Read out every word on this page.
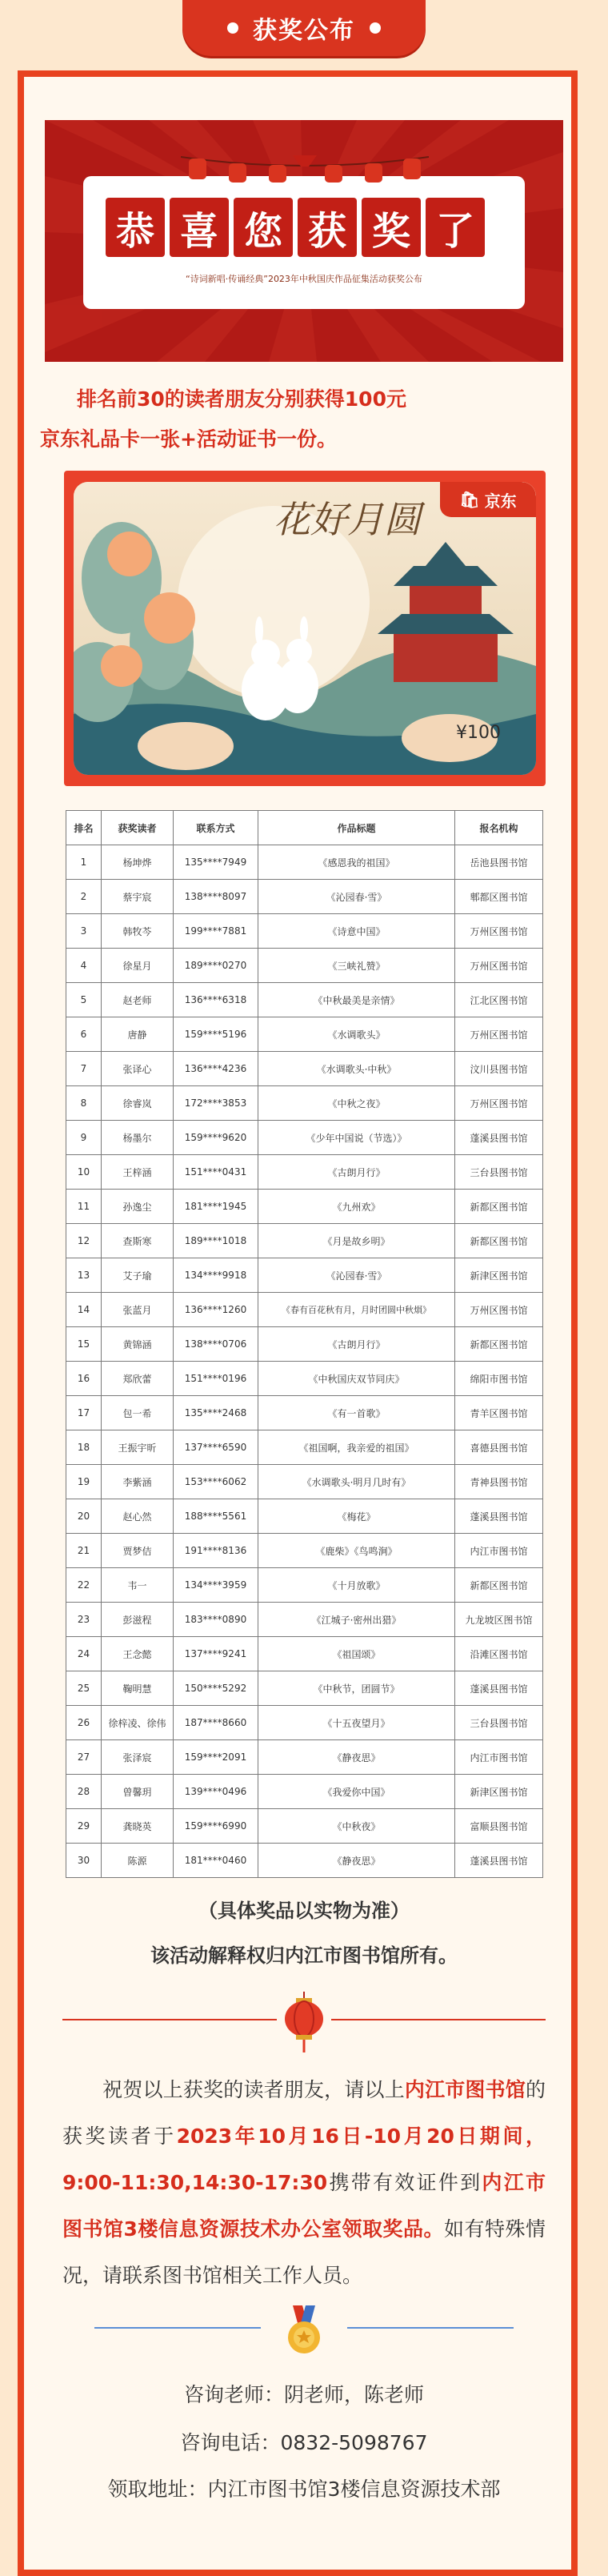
获奖公布
恭 喜 您 获 奖 了
“诗词新唱·传诵经典”2023年中秋国庆作品征集活动获奖公布
排名前30的读者朋友分别获得100元
京东礼品卡一张+活动证书一份。
花好月圆 🛍 京东
¥100
排名	获奖读者	联系方式	作品标题	报名机构
1	杨坤烨	135****7949	《感恩我的祖国》	岳池县图书馆
2	蔡宇宸	138****8097	《沁园春·雪》	郫都区图书馆
3	韩牧芩	199****7881	《诗意中国》	万州区图书馆
4	徐星月	189****0270	《三峡礼赞》	万州区图书馆
5	赵老师	136****6318	《中秋最美是亲情》	江北区图书馆
6	唐静	159****5196	《水调歌头》	万州区图书馆
7	张译心	136****4236	《水调歌头·中秋》	汶川县图书馆
8	徐睿岚	172****3853	《中秋之夜》	万州区图书馆
9	杨墨尔	159****9620	《少年中国说（节选）》	蓬溪县图书馆
10	王梓涵	151****0431	《古朗月行》	三台县图书馆
11	孙逸尘	181****1945	《九州欢》	新都区图书馆
12	查斯寒	189****1018	《月是故乡明》	新都区图书馆
13	艾子瑜	134****9918	《沁园春·雪》	新津区图书馆
14	张蓝月	136****1260	《春有百花秋有月，月时团圆中秋熉》	万州区图书馆
15	黄锦涵	138****0706	《古朗月行》	新都区图书馆
16	郑欣蕾	151****0196	《中秋国庆双节同庆》	绵阳市图书馆
17	包一希	135****2468	《有一首歌》	青羊区图书馆
18	王振宇昕	137****6590	《祖国啊，我亲爱的祖国》	喜德县图书馆
19	李紫涵	153****6062	《水调歌头·明月几时有》	青神县图书馆
20	赵心然	188****5561	《梅花》	蓬溪县图书馆
21	贾梦佶	191****8136	《鹿柴》《鸟鸣涧》	内江市图书馆
22	韦一	134****3959	《十月放歌》	新都区图书馆
23	彭滋程	183****0890	《江城子·密州出猎》	九龙坡区图书馆
24	王念懿	137****9241	《祖国颂》	沿滩区图书馆
25	鞠明慧	150****5292	《中秋节，团圆节》	蓬溪县图书馆
26	徐梓凌、徐伟	187****8660	《十五夜望月》	三台县图书馆
27	张泽宸	159****2091	《静夜思》	内江市图书馆
28	曾馨玥	139****0496	《我爱你中国》	新津区图书馆
29	龚晓英	159****6990	《中秋夜》	富顺县图书馆
30	陈源	181****0460	《静夜思》	蓬溪县图书馆
（具体奖品以实物为准）
该活动解释权归内江市图书馆所有。
祝贺以上获奖的读者朋友，请以上内江市图书馆的获奖读者于2023年10月16日-10月20日期间，9:00-11:30,14:30-17:30携带有效证件到内江市图书馆3楼信息资源技术办公室领取奖品。如有特殊情况，请联系图书馆相关工作人员。
咨询老师：阴老师，陈老师
咨询电话：0832-5098767
领取地址：内江市图书馆3楼信息资源技术部
